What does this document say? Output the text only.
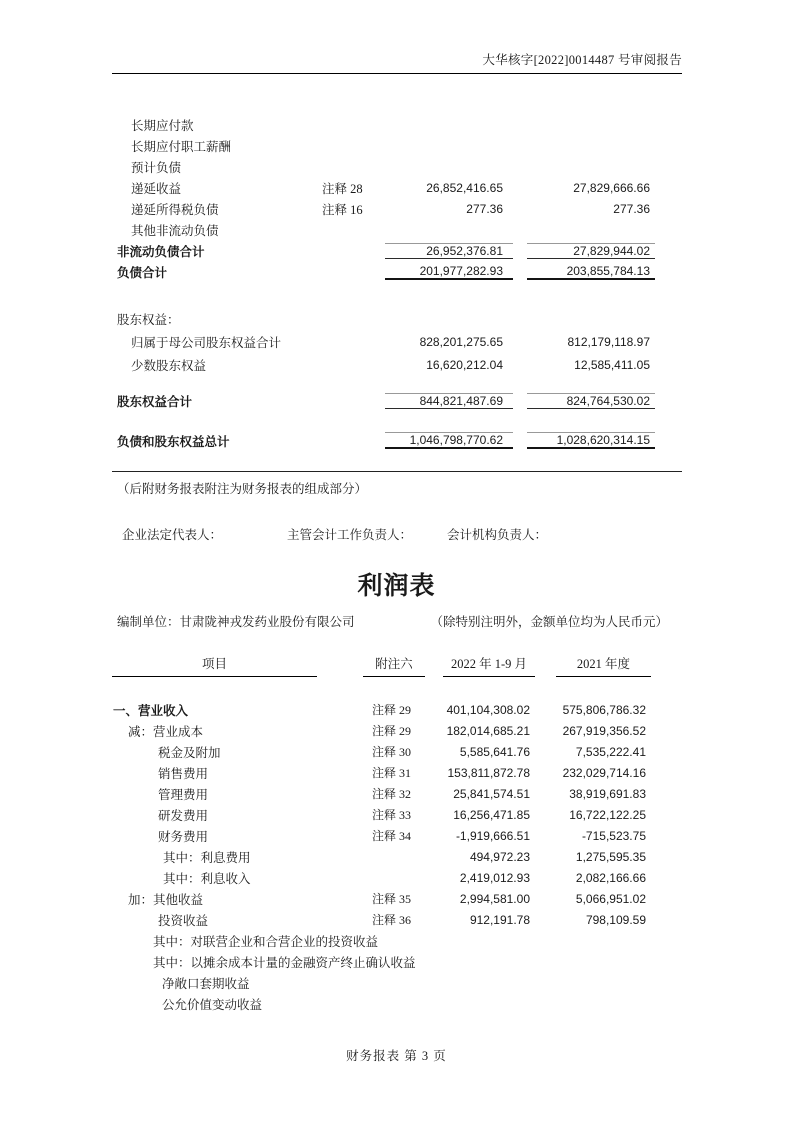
大华核字[2022]0014487 号审阅报告
长期应付款
长期应付职工薪酬
预计负债
递延收益	注释 28	26,852,416.65	27,829,666.66
递延所得税负债	注释 16	277.36	277.36
其他非流动负债
非流动负债合计	26,952,376.81	27,829,944.02
负债合计	201,977,282.93	203,855,784.13
股东权益：
归属于母公司股东权益合计	828,201,275.65	812,179,118.97
少数股东权益	16,620,212.04	12,585,411.05
股东权益合计	844,821,487.69	824,764,530.02
负债和股东权益总计	1,046,798,770.62	1,028,620,314.15
（后附财务报表附注为财务报表的组成部分）
企业法定代表人：	主管会计工作负责人：	会计机构负责人：
利润表
编制单位：甘肃陇神戎发药业股份有限公司	（除特别注明外，金额单位均为人民币元）
项目	附注六	2022 年 1-9 月	2021 年度
一、营业收入	注释 29	401,104,308.02	575,806,786.32
减：营业成本	注释 29	182,014,685.21	267,919,356.52
税金及附加	注释 30	5,585,641.76	7,535,222.41
销售费用	注释 31	153,811,872.78	232,029,714.16
管理费用	注释 32	25,841,574.51	38,919,691.83
研发费用	注释 33	16,256,471.85	16,722,122.25
财务费用	注释 34	-1,919,666.51	-715,523.75
其中：利息费用	494,972.23	1,275,595.35
其中：利息收入	2,419,012.93	2,082,166.66
加：其他收益	注释 35	2,994,581.00	5,066,951.02
投资收益	注释 36	912,191.78	798,109.59
其中：对联营企业和合营企业的投资收益
其中：以摊余成本计量的金融资产终止确认收益
净敞口套期收益
公允价值变动收益
财务报表 第 3 页
